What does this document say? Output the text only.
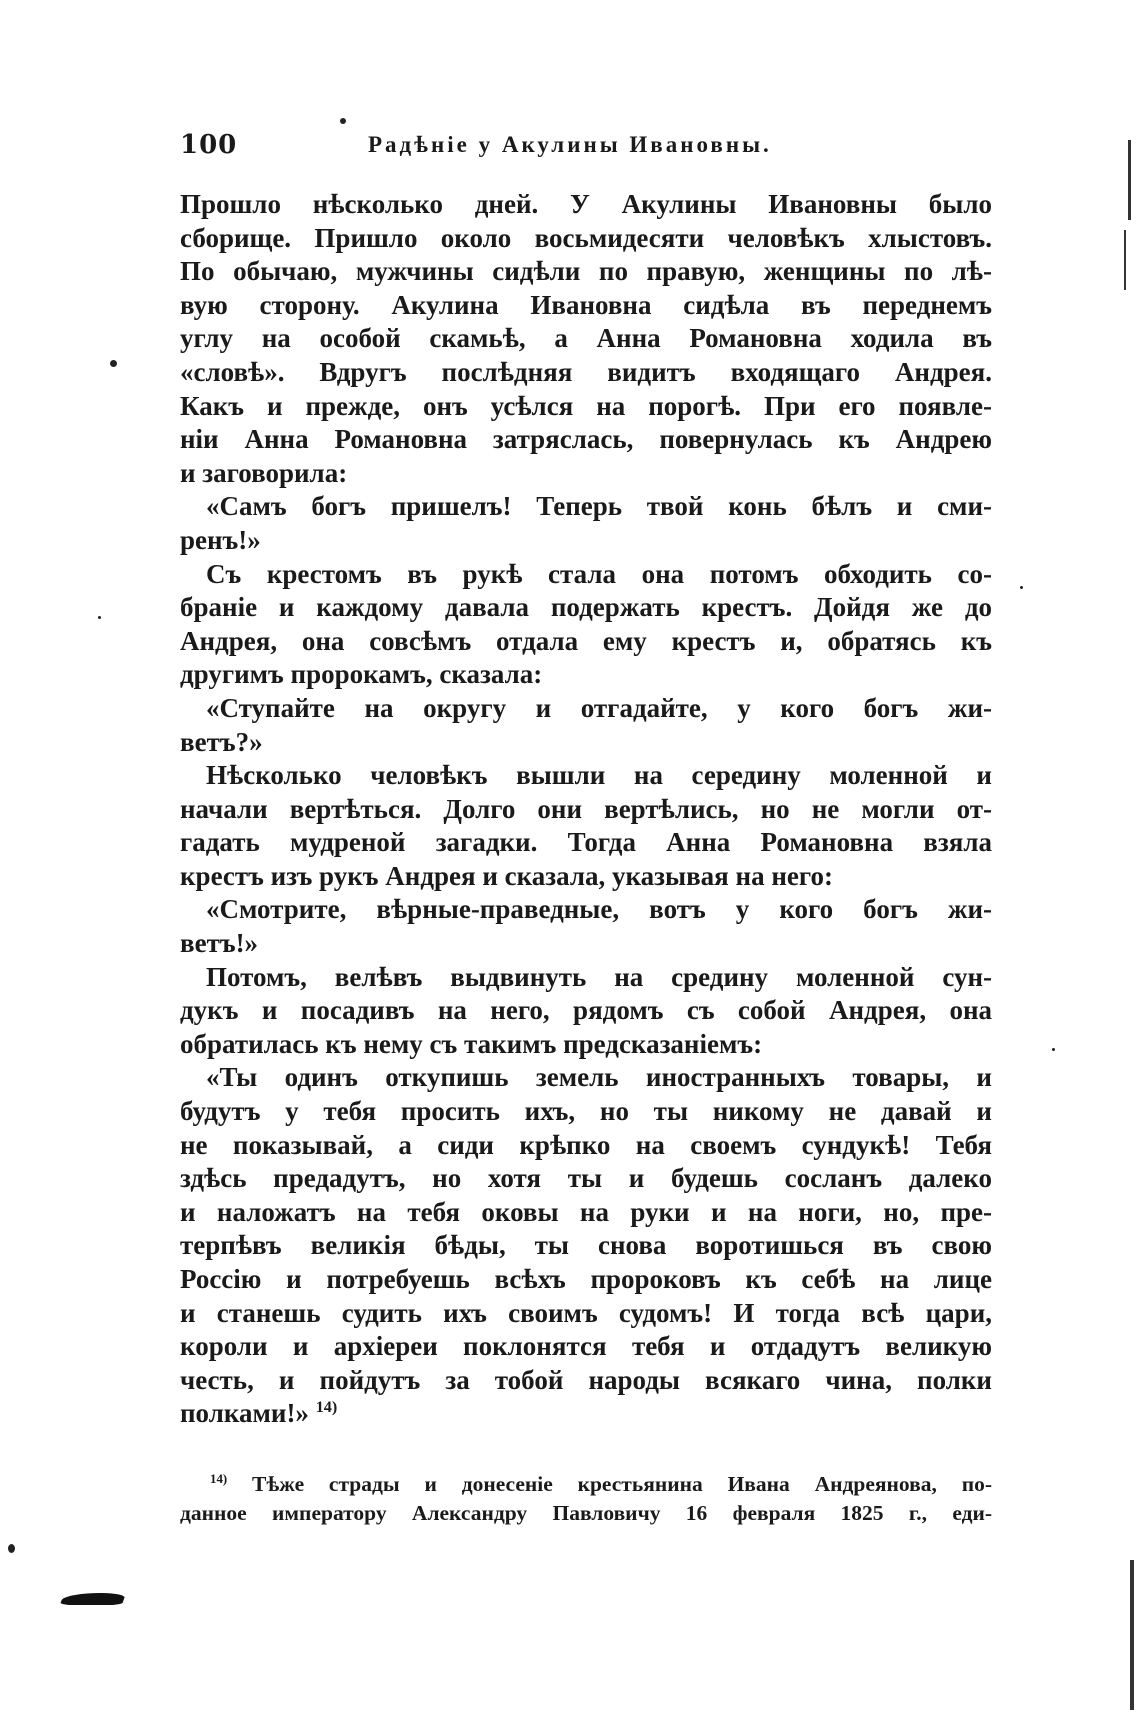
100	Радѣніе у Акулины Ивановны.
Прошло нѣсколько дней. У Акулины Ивановны было
сборище. Пришло около восьмидесяти человѣкъ хлыстовъ.
По обычаю, мужчины сидѣли по правую, женщины по лѣ-
вую сторону. Акулина Ивановна сидѣла въ переднемъ
углу на особой скамьѣ, а Анна Романовна ходила въ
«словѣ». Вдругъ послѣдняя видитъ входящаго Андрея.
Какъ и прежде, онъ усѣлся на порогѣ. При его появле-
ніи Анна Романовна затряслась, повернулась къ Андрею
и заговорила:
«Самъ богъ пришелъ! Теперь твой конь бѣлъ и сми-
ренъ!»
Съ крестомъ въ рукѣ стала она потомъ обходить со-
браніе и каждому давала подержать крестъ. Дойдя же до
Андрея, она совсѣмъ отдала ему крестъ и, обратясь къ
другимъ пророкамъ, сказала:
«Ступайте на округу и отгадайте, у кого богъ жи-
ветъ?»
Нѣсколько человѣкъ вышли на середину моленной и
начали вертѣться. Долго они вертѣлись, но не могли от-
гадать мудреной загадки. Тогда Анна Романовна взяла
крестъ изъ рукъ Андрея и сказала, указывая на него:
«Смотрите, вѣрные-праведные, вотъ у кого богъ жи-
ветъ!»
Потомъ, велѣвъ выдвинуть на средину моленной сун-
дукъ и посадивъ на него, рядомъ съ собой Андрея, она
обратилась къ нему съ такимъ предсказаніемъ:
«Ты одинъ откупишь земель иностранныхъ товары, и
будутъ у тебя просить ихъ, но ты никому не давай и
не показывай, а сиди крѣпко на своемъ сундукѣ! Тебя
здѣсь предадутъ, но хотя ты и будешь сосланъ далеко
и наложатъ на тебя оковы на руки и на ноги, но, пре-
терпѣвъ великія бѣды, ты снова воротишься въ свою
Россію и потребуешь всѣхъ пророковъ къ себѣ на лице
и станешь судить ихъ своимъ судомъ! И тогда всѣ цари,
короли и архіереи поклонятся тебя и отдадутъ великую
честь, и пойдутъ за тобой народы всякаго чина, полки
полками!» $^{14)}$
$^{14)}$ Тѣже страды и донесеніе крестьянина Ивана Андреянова, по-
данное императору Александру Павловичу 16 февраля 1825 г., еди-
